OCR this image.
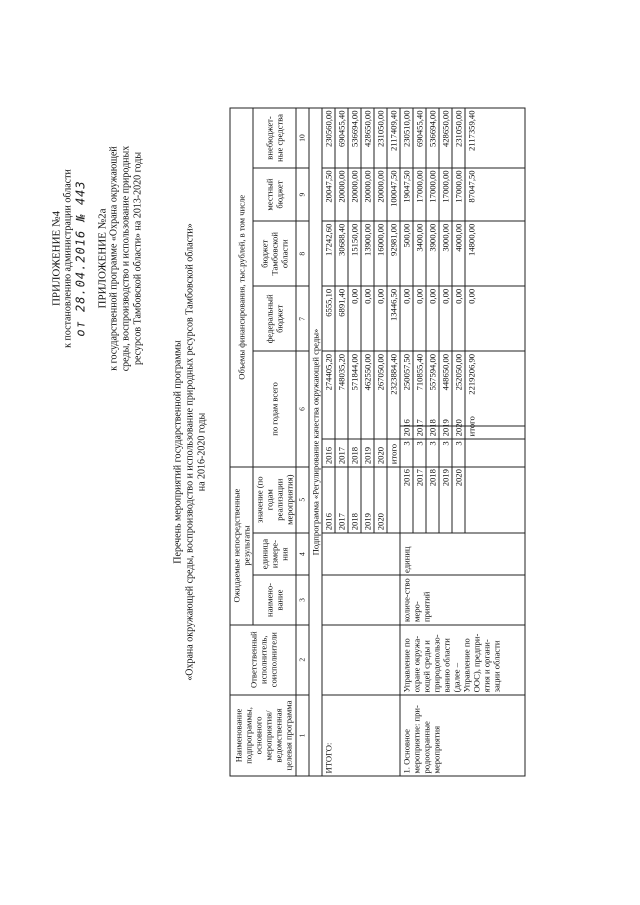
ПРИЛОЖЕНИЕ №4 к постановлению администрации области от 28.04.2016 № 443 ПРИЛОЖЕНИЕ №2а к государственной программе «Охрана окружающей среды, воспроизводство и использование природных ресурсов Тамбовской области» на 2013-2020 годы
Перечень мероприятий государственной программы «Охрана окружающей среды, воспроизводство и использование природных ресурсов Тамбовской области» на 2016-2020 годы
Наименование подпрограммы, основного мероприятия/ведомственная целевая программа	Ответственный исполнитель, соисполнители	Ожидаемые непосредственные результаты			Объемы финансирования, тыс.рублей, в том числе						
		наимено-вание	единица измере-ния	значение (по годам реализации мероприятия)	по годам всего			федеральный бюджет	бюджет Тамбовской области	местный бюджет	внебюджет-ные средства
1	2	3	4	5	6			7	8	9	10
Подпрограмма «Регулирование качества окружающей среды»											
ИТОГО:				2016	2016	274405,20		6555,10	17242,60	20047,50	230560,00
				2017	2017	748035,20		6891,40	30688,40	20000,00	690455,40
				2018	2018	571844,00		0,00	15150,00	20000,00	536694,00
				2019	2019	462550,00		0,00	13900,00	20000,00	428650,00
				2020	2020	267050,00		0,00	16000,00	20000,00	231050,00
					итого	2323884,40		13446,50	92981,00	100047,50	2117409,40
1. Основное мероприятие: при-родоохранные мероприятия	Управление по охране окружа-ющей среды и природопользо-ванию области (далее – Управление по ООС), предпри-ятия и органи-зации области	количе-ство меро-приятий	единиц	2016	3	2016	250057,50	0,00	500,00	19047,50	230510,00
				2017	3	2017	710855,40	0,00	3400,00	17000,00	690455,40
				2018	3	2018	557594,00	0,00	3900,00	17000,00	536694,00
				2019	3	2019	448650,00	0,00	3000,00	17000,00	428650,00
				2020	3	2020	252050,00	0,00	4000,00	17000,00	231050,00
						итого	2219206,90	0,00	14800,00	87047,50	2117359,40
